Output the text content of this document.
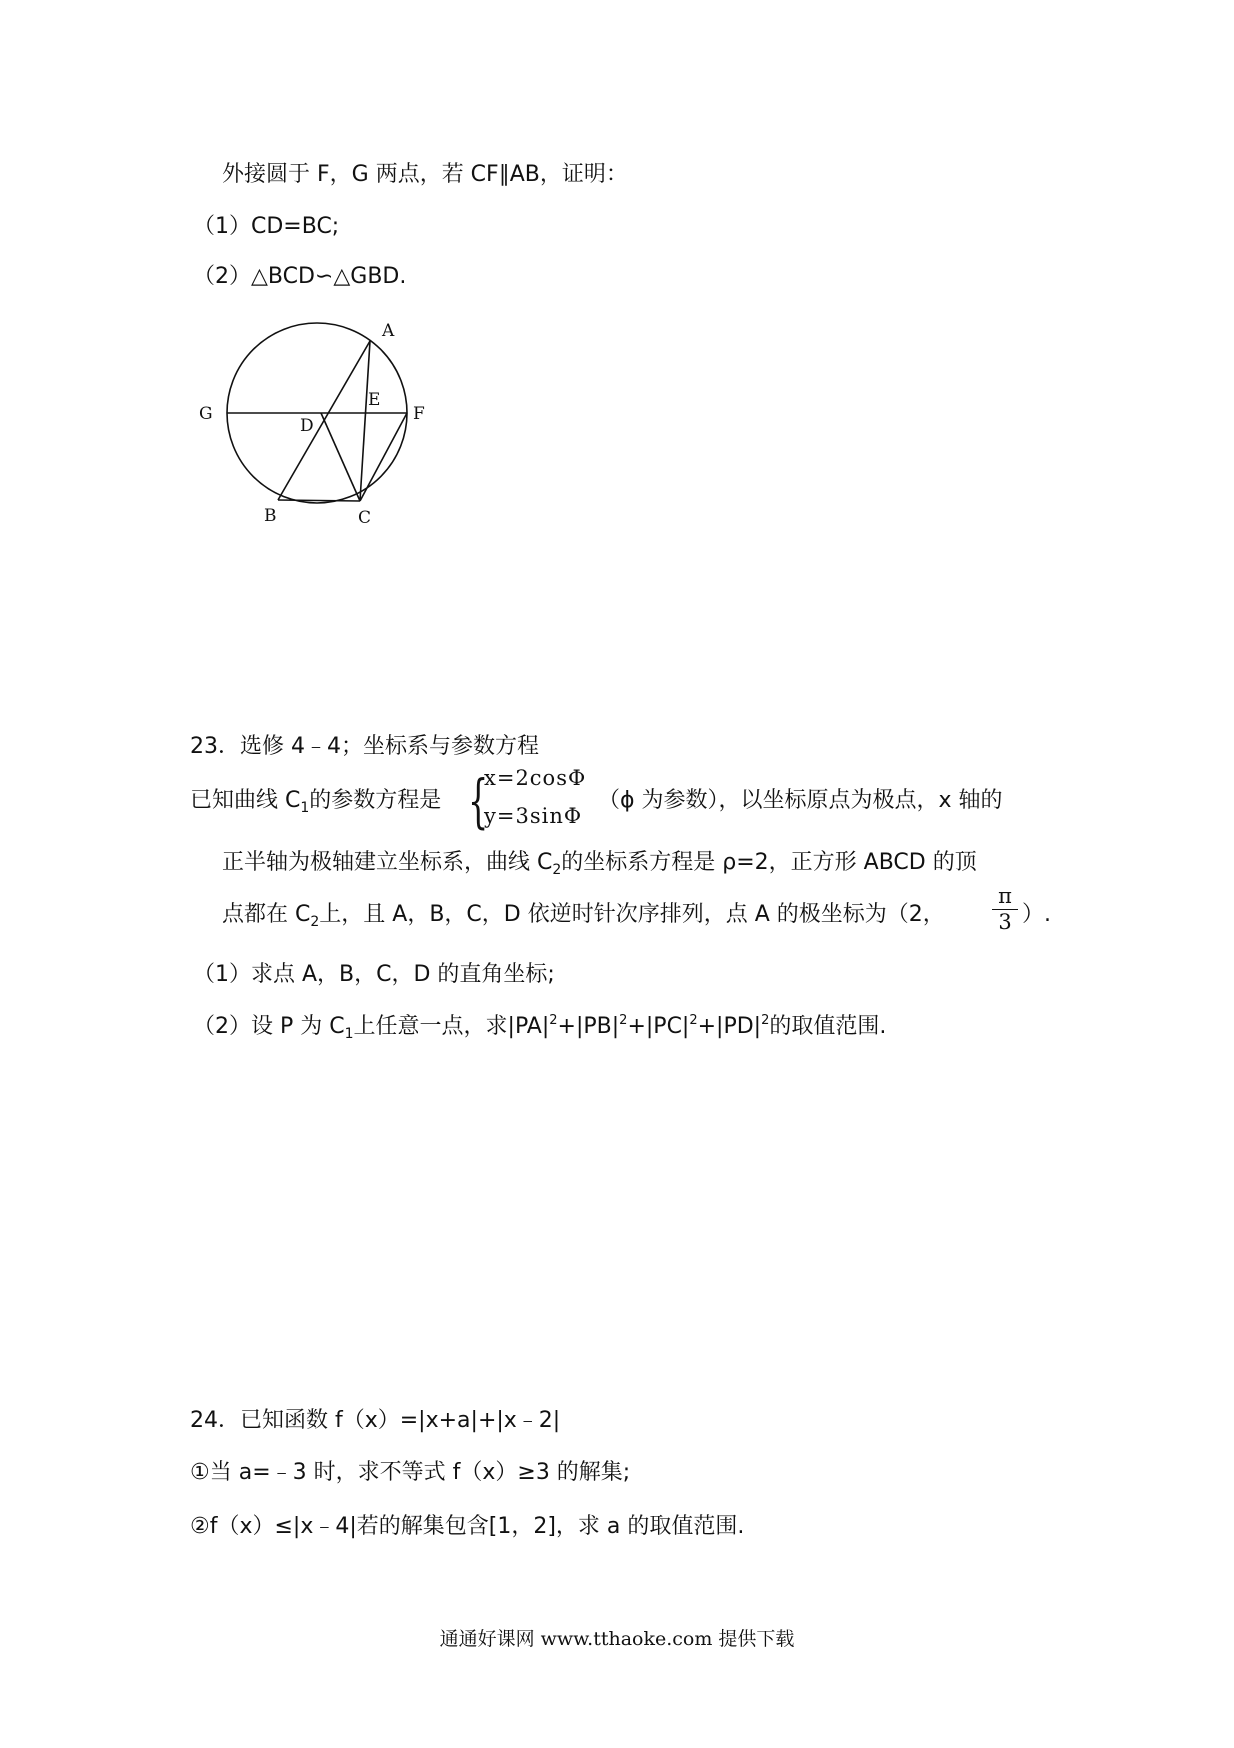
外接圆于 F，G 两点，若 CF∥AB，证明：
（1）CD=BC;
（2）△BCD∽△GBD.
A
B	C
D
E
F
G
23．选修 4﹣4；坐标系与参数方程
已知曲线 $C_1$的参数方程是 {
x=2cosΦ
y=3sinΦ
（ϕ 为参数），以坐标原点为极点，x 轴的
正半轴为极轴建立坐标系，曲线 $C_2$的坐标系方程是 ρ=2，正方形 ABCD 的顶
点都在 $C_2$上，且 A，B，C，D 依逆时针次序排列，点 A 的极坐标为（2，
π
3 ）.
（1）求点 A，B，C，D 的直角坐标;
（2）设 P 为 $C_1$上任意一点，求$|PA|^2+|PB|^2+|PC|^2+|PD|^2$的取值范围.
24．已知函数 f（x）=|x+a|+|x﹣2|
①当 a=﹣3 时，求不等式 f（x）≥3 的解集;
②f（x）≤|x﹣4|若的解集包含[1，2]，求 a 的取值范围.
通通好课网 www.tthaoke.com 提供下载
